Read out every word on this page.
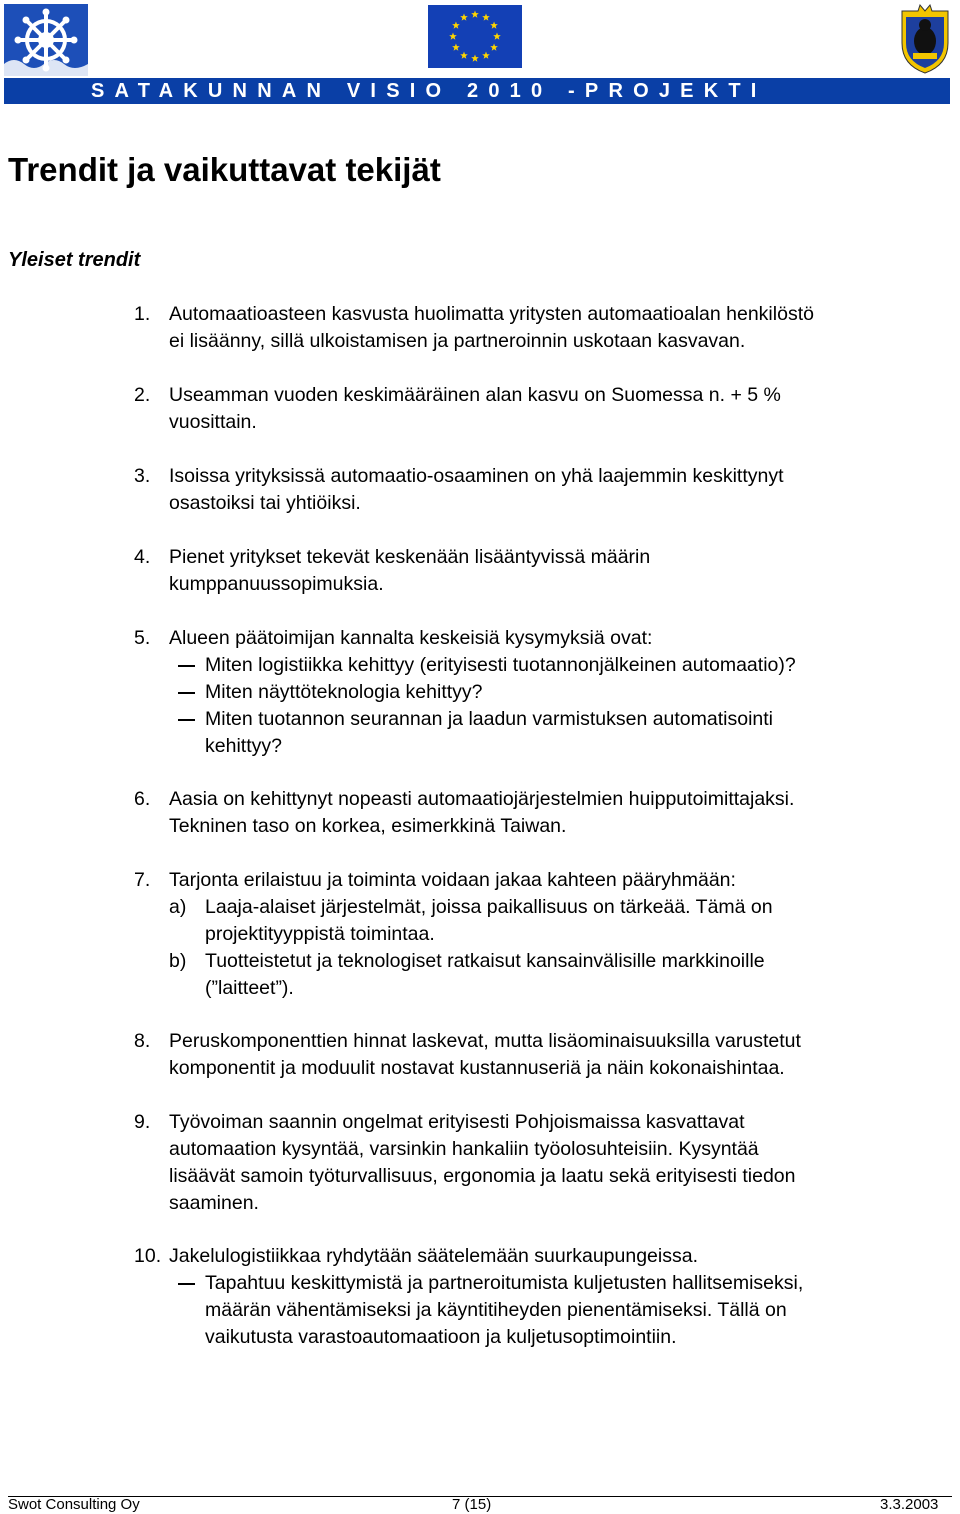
SATAKUNNAN VISIO 2010 -PROJEKTI
Trendit ja vaikuttavat tekijät

Yleiset trendit

1. Automaatioasteen kasvusta huolimatta yritysten automaatioalan henkilöstö
ei lisäänny, sillä ulkoistamisen ja partneroinnin uskotaan kasvavan.
2. Useamman vuoden keskimääräinen alan kasvu on Suomessa n. + 5 %
vuosittain.
3. Isoissa yrityksissä automaatio-osaaminen on yhä laajemmin keskittynyt
osastoiksi tai yhtiöiksi.
4. Pienet yritykset tekevät keskenään lisääntyvissä määrin
kumppanuussopimuksia.
5. Alueen päätoimijan kannalta keskeisiä kysymyksiä ovat:
Miten logistiikka kehittyy (erityisesti tuotannonjälkeinen automaatio)?
Miten näyttöteknologia kehittyy?
Miten tuotannon seurannan ja laadun varmistuksen automatisointi
kehittyy?
6. Aasia on kehittynyt nopeasti automaatiojärjestelmien huipputoimittajaksi.
Tekninen taso on korkea, esimerkkinä Taiwan.
7. Tarjonta erilaistuu ja toiminta voidaan jakaa kahteen pääryhmään:
a) Laaja-alaiset järjestelmät, joissa paikallisuus on tärkeää. Tämä on
projektityyppistä toimintaa.
b) Tuotteistetut ja teknologiset ratkaisut kansainvälisille markkinoille
(”laitteet”).
8. Peruskomponenttien hinnat laskevat, mutta lisäominaisuuksilla varustetut
komponentit ja moduulit nostavat kustannuseriä ja näin kokonaishintaa.
9. Työvoiman saannin ongelmat erityisesti Pohjoismaissa kasvattavat
automaation kysyntää, varsinkin hankaliin työolosuhteisiin. Kysyntää
lisäävät samoin työturvallisuus, ergonomia ja laatu sekä erityisesti tiedon
saaminen.
10. Jakelulogistiikkaa ryhdytään säätelemään suurkaupungeissa.
Tapahtuu keskittymistä ja partneroitumista kuljetusten hallitsemiseksi,
määrän vähentämiseksi ja käyntitiheyden pienentämiseksi. Tällä on
vaikutusta varastoautomaatioon ja kuljetusoptimointiin.
Swot Consulting Oy	7 (15)	3.3.2003
